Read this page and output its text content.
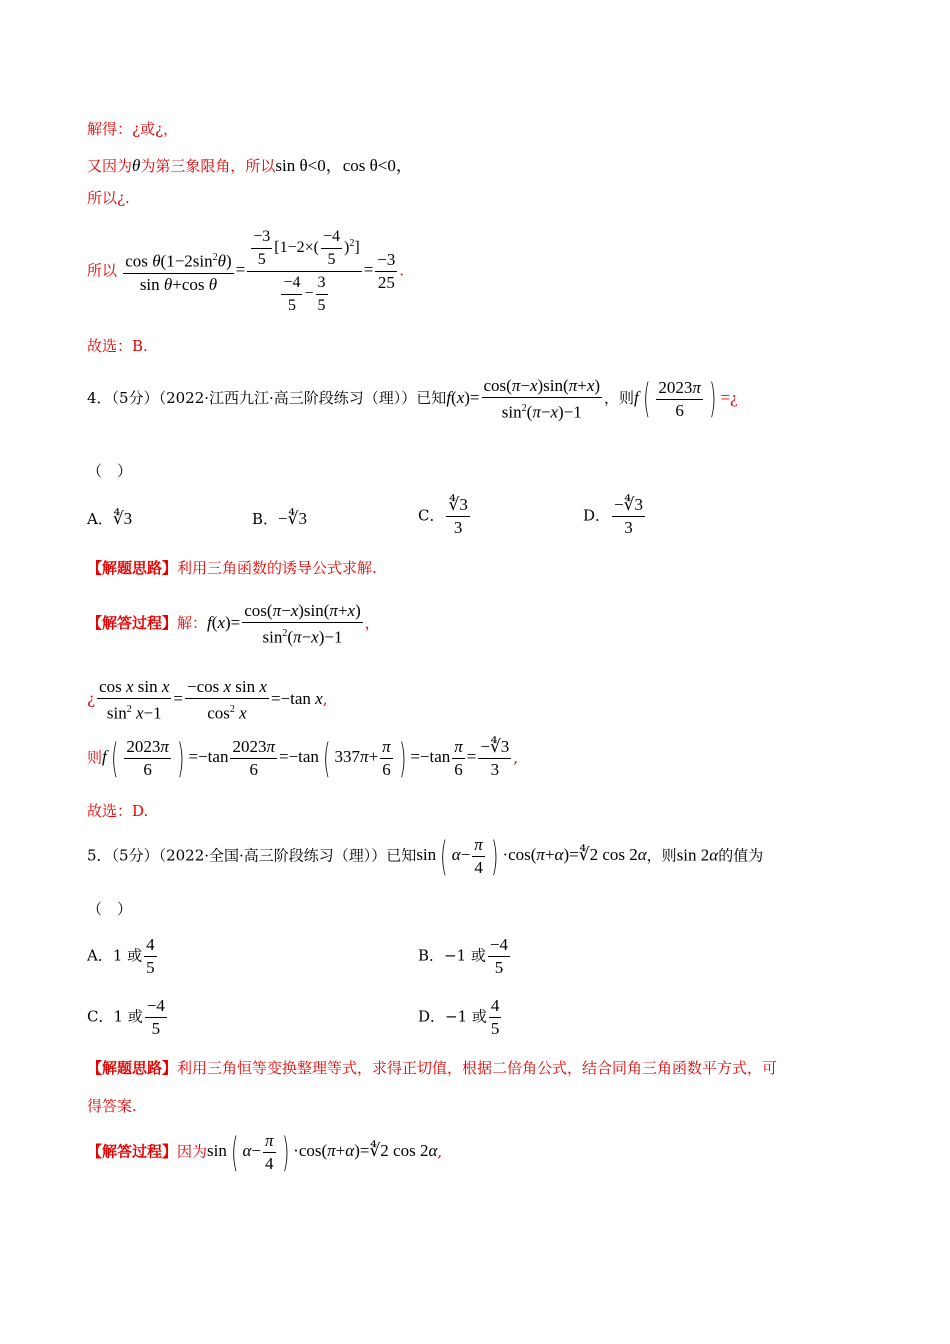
解得：¿或¿，
又因为θ为第三象限角，所以sin θ<0，cos θ<0，
所以¿.
所以 $\frac{\cos \theta(1-2\sin^2\theta)}{\text{sin θ+cos θ}} = \frac{\frac{-3}{5} [1-2\times( \frac{-4}{5} )^2]}{\frac{-4}{5} - \frac{3}{5}} = \frac{-3}{25}$ .
故选：B.
4．（5分）（2022·江西九江·高三阶段练习（理））已知$f(x)= \frac{\cos(\pi-x)\sin(\pi+x)}{\sin^2(\pi-x)-1}$ ，则f ( $\frac{2023\pi}{6}$ ) =¿
（　）
A．∜3	B．−∜3	C． $\frac{∜3}{3}$	D． $\frac{-∜3}{3}$
【解题思路】利用三角函数的诱导公式求解.
【解答过程】解：$f(x)= \frac{\cos(\pi-x)\sin(\pi+x)}{\sin^2(\pi-x)-1}$ ，
¿ $\frac{\text{cos x sin x}}{\sin^2 x-1} = \frac{\text{−cos x sin x}}{\cos^2 x} =-\tan$ x,
则f ( $\frac{2023\pi}{6}$ ) $=-\tan \frac{2023\pi}{6} =-\tan$ ( $337\pi+ \frac{\pi}{6}$ ) $=-\tan \frac{\pi}{6} = \frac{-∜3}{3}$ ,
故选：D.
5．（5分）（2022·全国·高三阶段练习（理））已知sin ( $\alpha- \frac{\pi}{4}$ ) ·cos(π+α)=∜2 cos 2α，则sin 2α的值为
（　）
A．1 或 $\frac{4}{5}$	B．−1 或 $\frac{-4}{5}$
C．1 或 $\frac{-4}{5}$	D．−1 或 $\frac{4}{5}$
【解题思路】利用三角恒等变换整理等式，求得正切值，根据二倍角公式，结合同角三角函数平方式，可
得答案.
【解答过程】因为sin ( $\alpha- \frac{\pi}{4}$ ) ·cos(π+α)=∜2 cos 2α,
